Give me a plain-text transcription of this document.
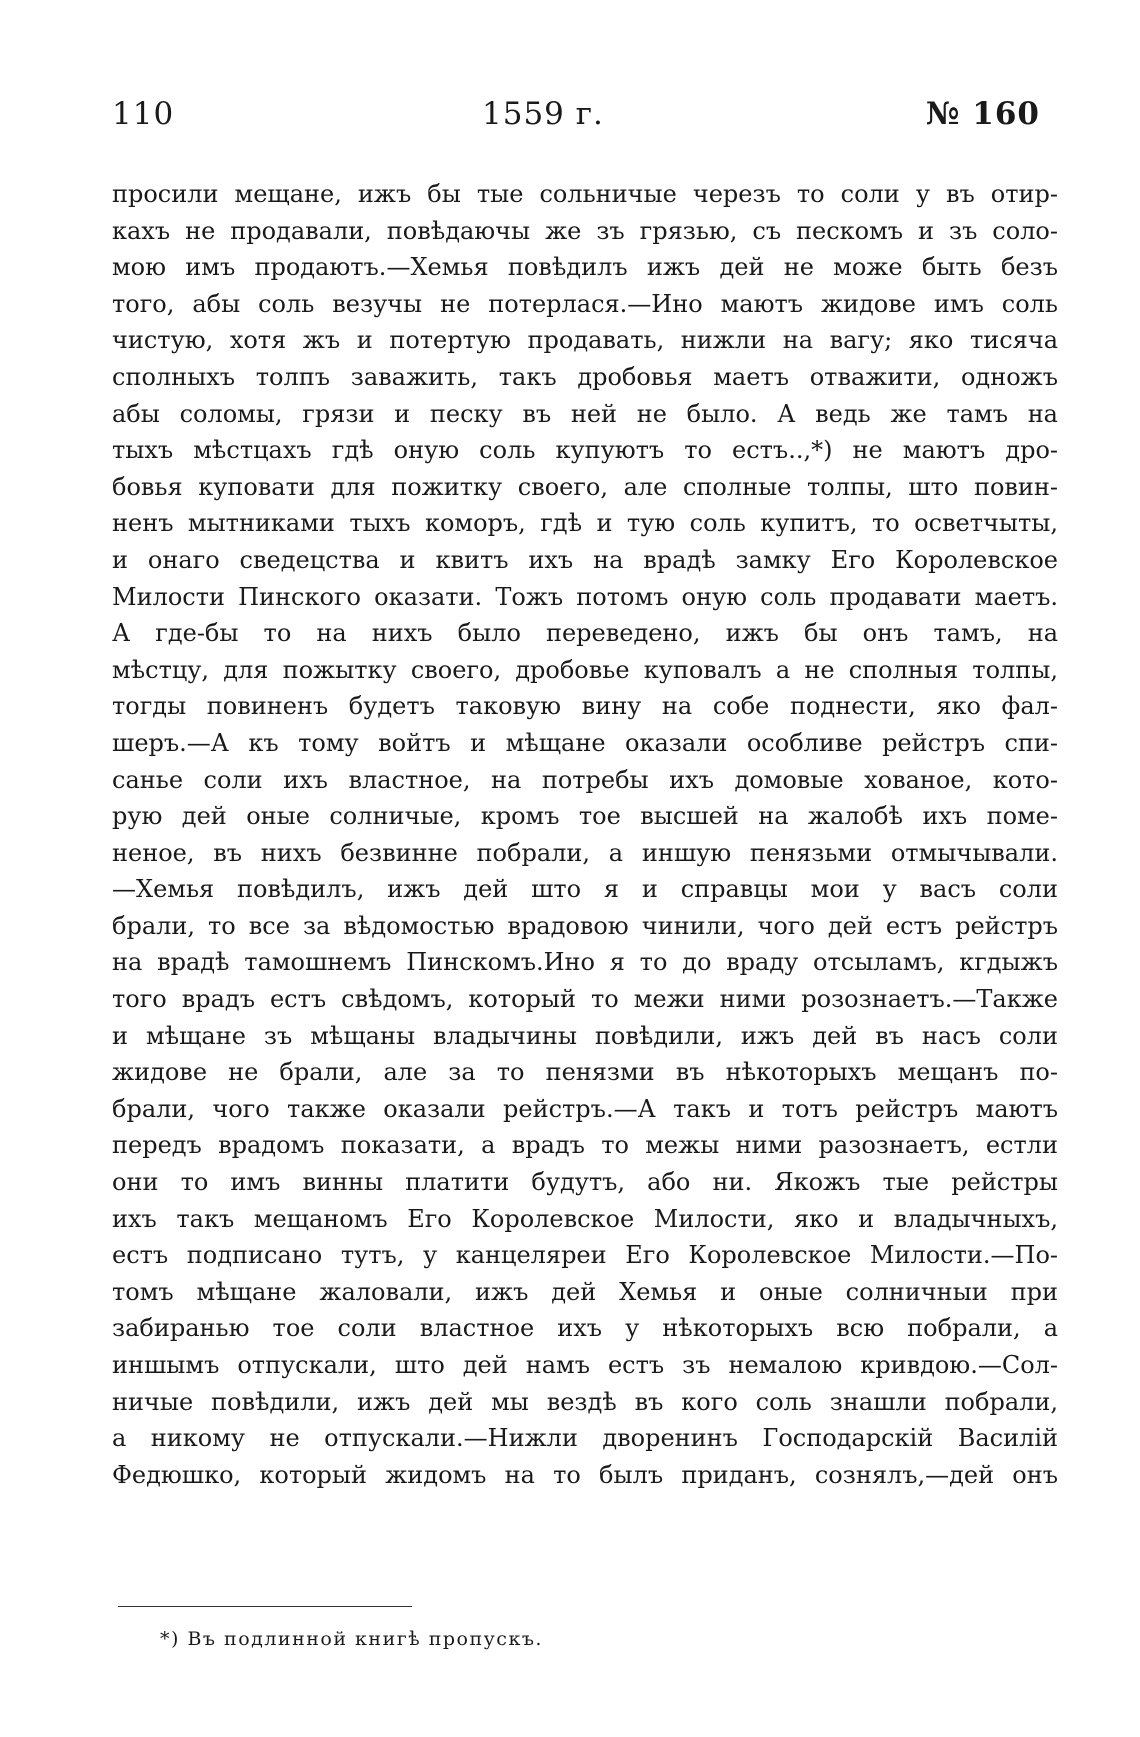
110	1559 г.	№ 160
просили мещане, ижъ бы тые сольничые черезъ то соли у въ отир-
кахъ не продавали, повѣдаючы же зъ грязью, съ пескомъ и зъ соло-
мою имъ продаютъ.—Хемья повѣдилъ ижъ дей не може быть безъ
того, абы соль везучы не потерлася.—Ино маютъ жидове имъ соль
чистую, хотя жъ и потертую продавать, нижли на вагу; яко тисяча
сполныхъ толпъ заважить, такъ дробовья маетъ отважити, одножъ
абы соломы, грязи и песку въ ней не было. А ведь же тамъ на
тыхъ мѣстцахъ гдѣ оную соль купуютъ то естъ..,*) не маютъ дро-
бовья куповати для пожитку своего, але сполные толпы, што повин-
ненъ мытниками тыхъ коморъ, гдѣ и тую соль купитъ, то осветчыты,
и онаго сведецства и квитъ ихъ на врадѣ замку Его Королевское
Милости Пинского оказати. Тожъ потомъ оную соль продавати маетъ.
А где-бы то на нихъ было переведено, ижъ бы онъ тамъ, на
мѣстцу, для пожытку своего, дробовье куповалъ а не сполныя толпы,
тогды повиненъ будетъ таковую вину на собе поднести, яко фал-
шеръ.—А къ тому войтъ и мѣщане оказали особливе рейстръ спи-
санье соли ихъ властное, на потребы ихъ домовые хованое, кото-
рую дей оные солничые, кромъ тое высшей на жалобѣ ихъ поме-
неное, въ нихъ безвинне побрали, а иншую пенязьми отмычывали.
—Хемья повѣдилъ, ижъ дей што я и справцы мои у васъ соли
брали, то все за вѣдомостью врадовою чинили, чого дей естъ рейстръ
на врадѣ тамошнемъ Пинскомъ.Ино я то до враду отсыламъ, кгдыжъ
того врадъ естъ свѣдомъ, который то межи ними розознаетъ.—Также
и мѣщане зъ мѣщаны владычины повѣдили, ижъ дей въ насъ соли
жидове не брали, але за то пенязми въ нѣкоторыхъ мещанъ по-
брали, чого также оказали рейстръ.—А такъ и тотъ рейстръ маютъ
передъ врадомъ показати, а врадъ то межы ними разознаетъ, естли
они то имъ винны платити будутъ, або ни. Якожъ тые рейстры
ихъ такъ мещаномъ Его Королевское Милости, яко и владычныхъ,
естъ подписано тутъ, у канцеляреи Его Королевское Милости.—По-
томъ мѣщане жаловали, ижъ дей Хемья и оные солничныи при
забиранью тое соли властное ихъ у нѣкоторыхъ всю побрали, а
иншымъ отпускали, што дей намъ естъ зъ немалою кривдою.—Сол-
ничые повѣдили, ижъ дей мы вездѣ въ кого соль знашли побрали,
а никому не отпускали.—Нижли дворенинъ Господарскій Василій
Федюшко, который жидомъ на то былъ приданъ, сознялъ,—дей онъ
*) Въ подлинной книгѣ пропускъ.
